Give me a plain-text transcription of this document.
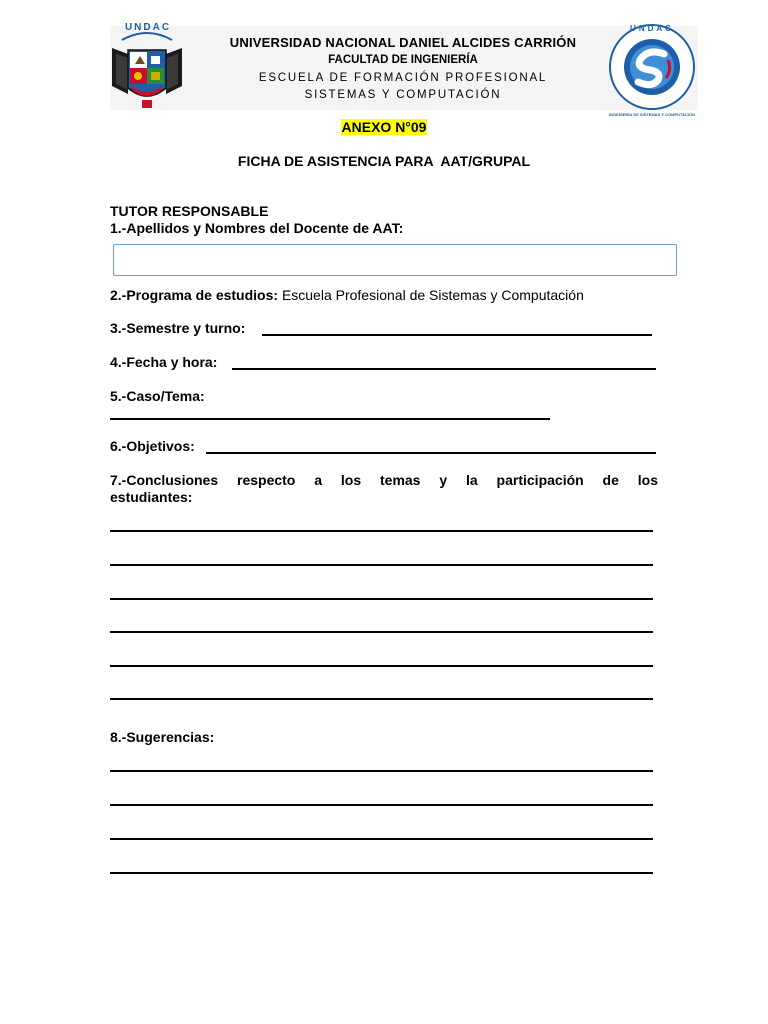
UNDAC
UNIVERSIDAD NACIONAL DANIEL ALCIDES CARRIÓN
FACULTAD DE INGENIERÍA
ESCUELA DE FORMACIÓN PROFESIONAL
SISTEMAS Y COMPUTACIÓN
UNDAC
INGENIERÍA DE SISTEMAS Y COMPUTACIÓN
ANEXO N°09
FICHA DE ASISTENCIA PARA  AAT/GRUPAL
TUTOR RESPONSABLE
1.-Apellidos y Nombres del Docente de AAT:
2.-Programa de estudios: Escuela Profesional de Sistemas y Computación
3.-Semestre y turno:
4.-Fecha y hora:
5.-Caso/Tema:
6.-Objetivos:
7.-Conclusiones respecto a los temas y la participación de los
estudiantes:
8.-Sugerencias:
